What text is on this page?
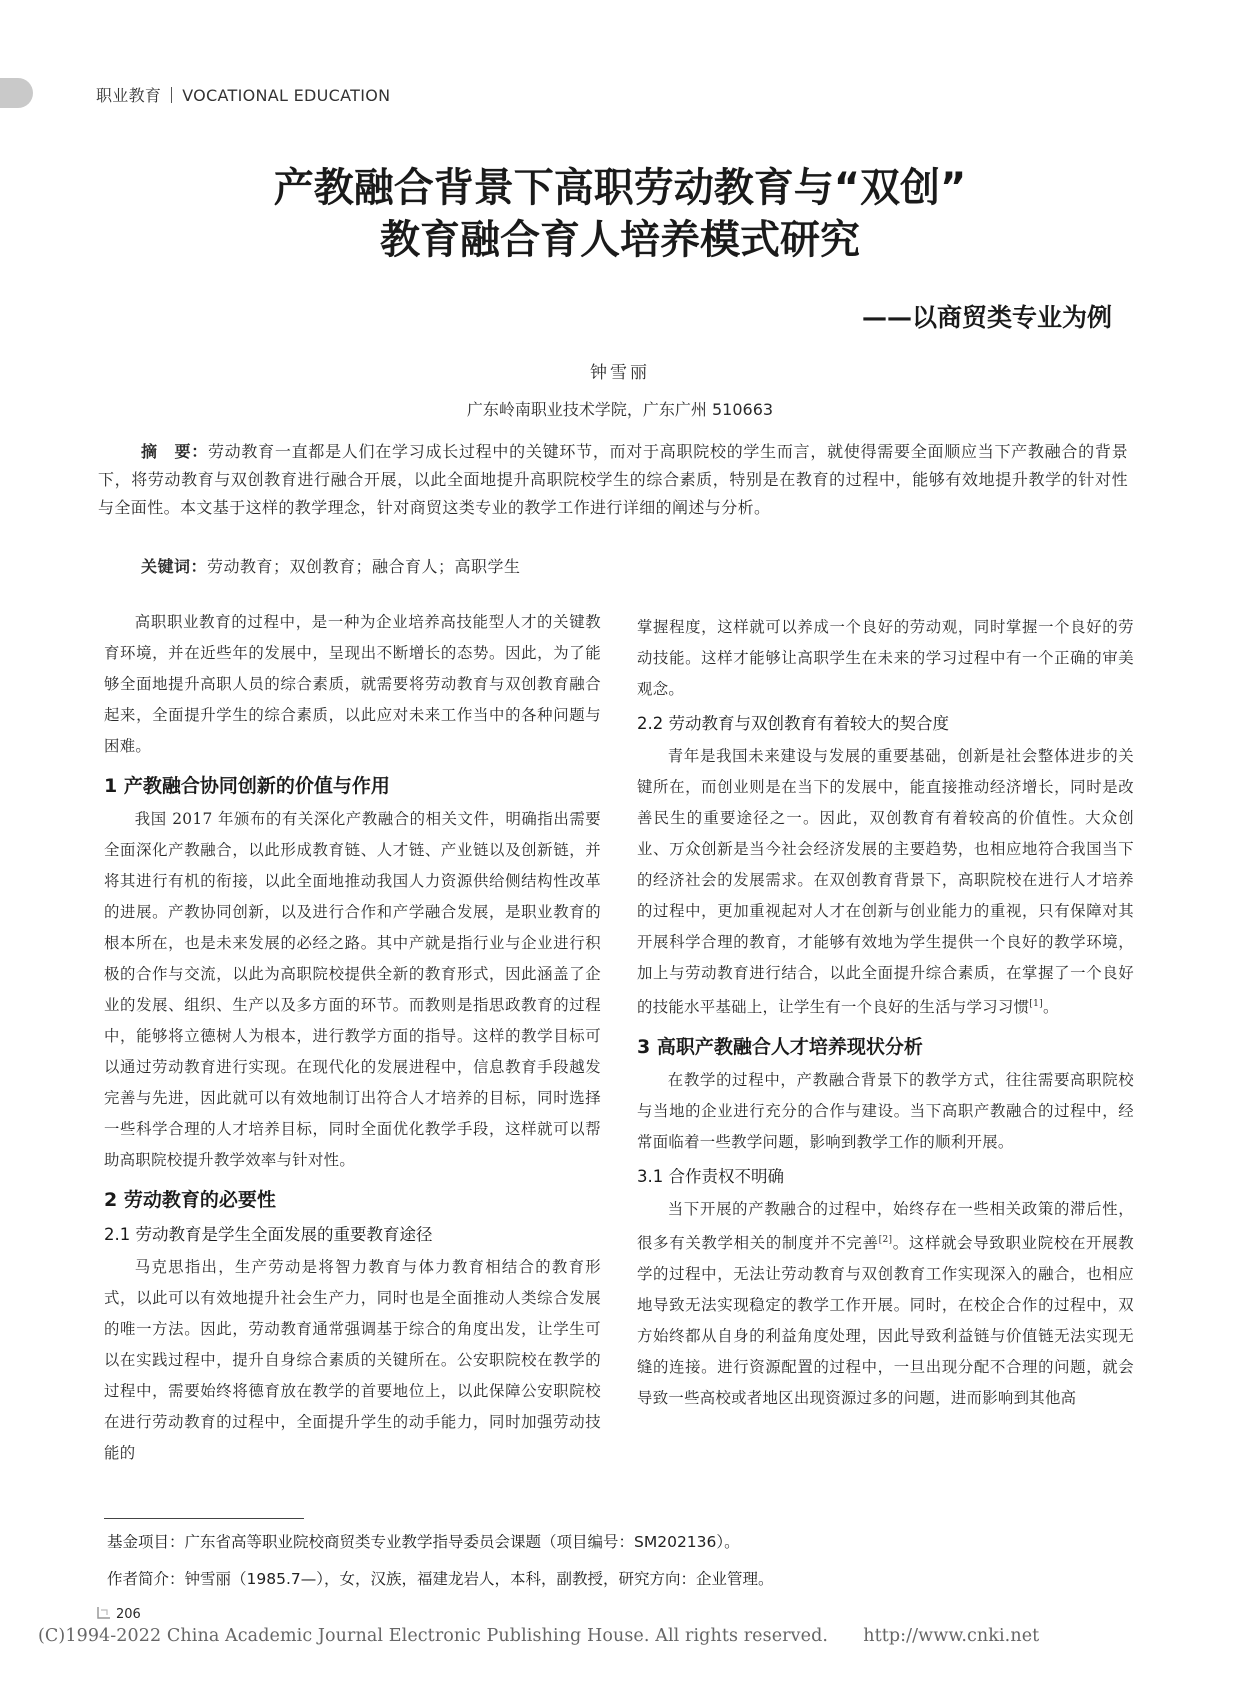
职业教育 VOCATIONAL EDUCATION
产教融合背景下高职劳动教育与“双创”
教育融合育人培养模式研究
——以商贸类专业为例
钟雪丽
广东岭南职业技术学院，广东广州 510663
摘　要：劳动教育一直都是人们在学习成长过程中的关键环节，而对于高职院校的学生而言，就使得需要全面顺应当下产教融合的背景下，将劳动教育与双创教育进行融合开展，以此全面地提升高职院校学生的综合素质，特别是在教育的过程中，能够有效地提升教学的针对性与全面性。本文基于这样的教学理念，针对商贸这类专业的教学工作进行详细的阐述与分析。
关键词：劳动教育；双创教育；融合育人；高职学生

高职职业教育的过程中，是一种为企业培养高技能型人才的关键教育环境，并在近些年的发展中，呈现出不断增长的态势。因此，为了能够全面地提升高职人员的综合素质，就需要将劳动教育与双创教育融合起来，全面提升学生的综合素质，以此应对未来工作当中的各种问题与困难。

1 产教融合协同创新的价值与作用

我国 2017 年颁布的有关深化产教融合的相关文件，明确指出需要全面深化产教融合，以此形成教育链、人才链、产业链以及创新链，并将其进行有机的衔接，以此全面地推动我国人力资源供给侧结构性改革的进展。产教协同创新，以及进行合作和产学融合发展，是职业教育的根本所在，也是未来发展的必经之路。其中产就是指行业与企业进行积极的合作与交流，以此为高职院校提供全新的教育形式，因此涵盖了企业的发展、组织、生产以及多方面的环节。而教则是指思政教育的过程中，能够将立德树人为根本，进行教学方面的指导。这样的教学目标可以通过劳动教育进行实现。在现代化的发展进程中，信息教育手段越发完善与先进，因此就可以有效地制订出符合人才培养的目标，同时选择一些科学合理的人才培养目标，同时全面优化教学手段，这样就可以帮助高职院校提升教学效率与针对性。

2 劳动教育的必要性
2.1 劳动教育是学生全面发展的重要教育途径

马克思指出，生产劳动是将智力教育与体力教育相结合的教育形式，以此可以有效地提升社会生产力，同时也是全面推动人类综合发展的唯一方法。因此，劳动教育通常强调基于综合的角度出发，让学生可以在实践过程中，提升自身综合素质的关键所在。公安职院校在教学的过程中，需要始终将德育放在教学的首要地位上，以此保障公安职院校在进行劳动教育的过程中，全面提升学生的动手能力，同时加强劳动技能的

掌握程度，这样就可以养成一个良好的劳动观，同时掌握一个良好的劳动技能。这样才能够让高职学生在未来的学习过程中有一个正确的审美观念。

2.2 劳动教育与双创教育有着较大的契合度

青年是我国未来建设与发展的重要基础，创新是社会整体进步的关键所在，而创业则是在当下的发展中，能直接推动经济增长，同时是改善民生的重要途径之一。因此，双创教育有着较高的价值性。大众创业、万众创新是当今社会经济发展的主要趋势，也相应地符合我国当下的经济社会的发展需求。在双创教育背景下，高职院校在进行人才培养的过程中，更加重视起对人才在创新与创业能力的重视，只有保障对其开展科学合理的教育，才能够有效地为学生提供一个良好的教学环境，加上与劳动教育进行结合，以此全面提升综合素质，在掌握了一个良好的技能水平基础上，让学生有一个良好的生活与学习习惯[1]。

3 高职产教融合人才培养现状分析

在教学的过程中，产教融合背景下的教学方式，往往需要高职院校与当地的企业进行充分的合作与建设。当下高职产教融合的过程中，经常面临着一些教学问题，影响到教学工作的顺利开展。

3.1 合作责权不明确

当下开展的产教融合的过程中，始终存在一些相关政策的滞后性，很多有关教学相关的制度并不完善[2]。这样就会导致职业院校在开展教学的过程中，无法让劳动教育与双创教育工作实现深入的融合，也相应地导致无法实现稳定的教学工作开展。同时，在校企合作的过程中，双方始终都从自身的利益角度处理，因此导致利益链与价值链无法实现无缝的连接。进行资源配置的过程中，一旦出现分配不合理的问题，就会导致一些高校或者地区出现资源过多的问题，进而影响到其他高

基金项目：广东省高等职业院校商贸类专业教学指导委员会课题（项目编号：SM202136）。
作者简介：钟雪丽（1985.7—），女，汉族，福建龙岩人，本科，副教授，研究方向：企业管理。
206
(C)1994-2022 China Academic Journal Electronic Publishing House. All rights reserved.　　http://www.cnki.net
